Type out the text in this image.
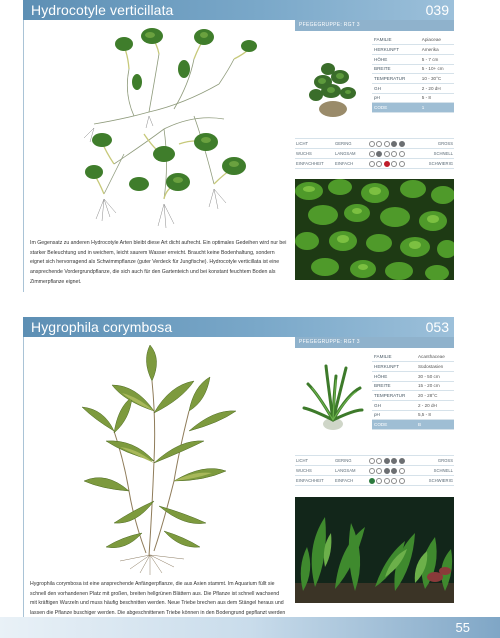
Hydrocotyle verticillata	039

Im Gegensatz zu anderen Hydrocotyle Arten bleibt diese Art dicht aufrecht. Ein optimales Gedeihen wird nur bei starker Beleuchtung und in weichem, leicht saurem Wasser erreicht. Braucht keine Bodenhaltung, sondern eignet sich hervorragend als Schwimmpflanze (guter Verdeck für Jungfische). Hydrocotyle verticillata ist eine ansprechende Vordergrundpflanze, die sich auch für den Gartenteich und bei konstant feuchtem Boden als Zimmerpflanze eignet.

PFEGEGRUPPE: RGT 3
FAMILIE	Apiaceae
HERKUNFT	Amerika
HÖHE	5 - 7 cm
BREITE	5 - 10+ cm
TEMPERATUR	10 - 30°C
GH	2 - 20 dH
pH	5 - 8
CODE	1
LICHT	GERING		GROSS
WUCHS	LANGSAM		SCHNELL
EINFACHHEIT	EINFACH		SCHWIERIG
Hygrophila corymbosa	053

Hygrophila corymbosa ist eine ansprechende Anfängerpflanze, die aus Asien stammt. Im Aquarium füllt sie schnell den vorhandenen Platz mit großen, breiten hellgrünen Blättern aus. Die Pflanze ist schnell wachsend mit kräftigen Wurzeln und muss häufig beschnitten werden. Neue Triebe brechen aus dem Stängel heraus und lassen die Pflanze buschiger werden. Die abgeschnittenen Triebe können in den Bodengrund gepflanzt werden

PFEGEGRUPPE: RGT 3
FAMILIE	Acanthaceae
HERKUNFT	Südostasien
HÖHE	30 - 50 cm
BREITE	15 - 20 cm
TEMPERATUR	20 - 28°C
GH	2 - 20 dH
pH	5,5 - 8
CODE	B
LICHT	GERING		GROSS
WUCHS	LANGSAM		SCHNELL
EINFACHHEIT	EINFACH		SCHWIERIG
55
